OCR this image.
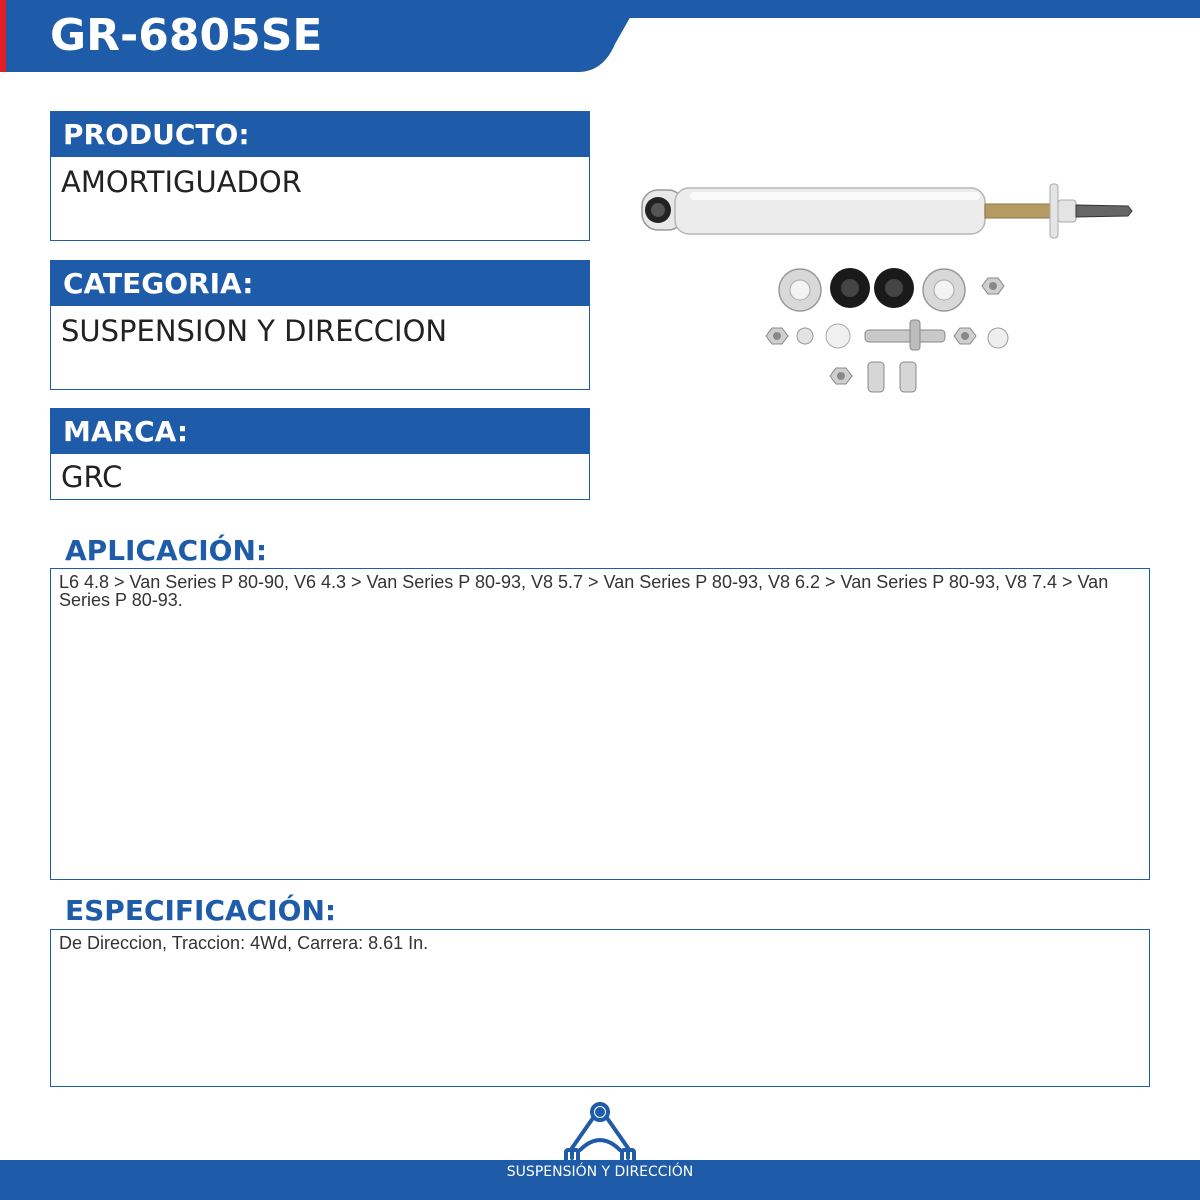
GR-6805SE
PRODUCTO:
AMORTIGUADOR
CATEGORIA:
SUSPENSION Y DIRECCION
MARCA:
GRC
APLICACIÓN:
L6 4.8 > Van Series P 80-90, V6 4.3 > Van Series P 80-93, V8 5.7 > Van Series P 80-93, V8 6.2 > Van Series P 80-93, V8 7.4 > Van Series P 80-93.
ESPECIFICACIÓN:
De Direccion, Traccion: 4Wd, Carrera: 8.61 In.
SUSPENSIÓN Y DIRECCIÓN
